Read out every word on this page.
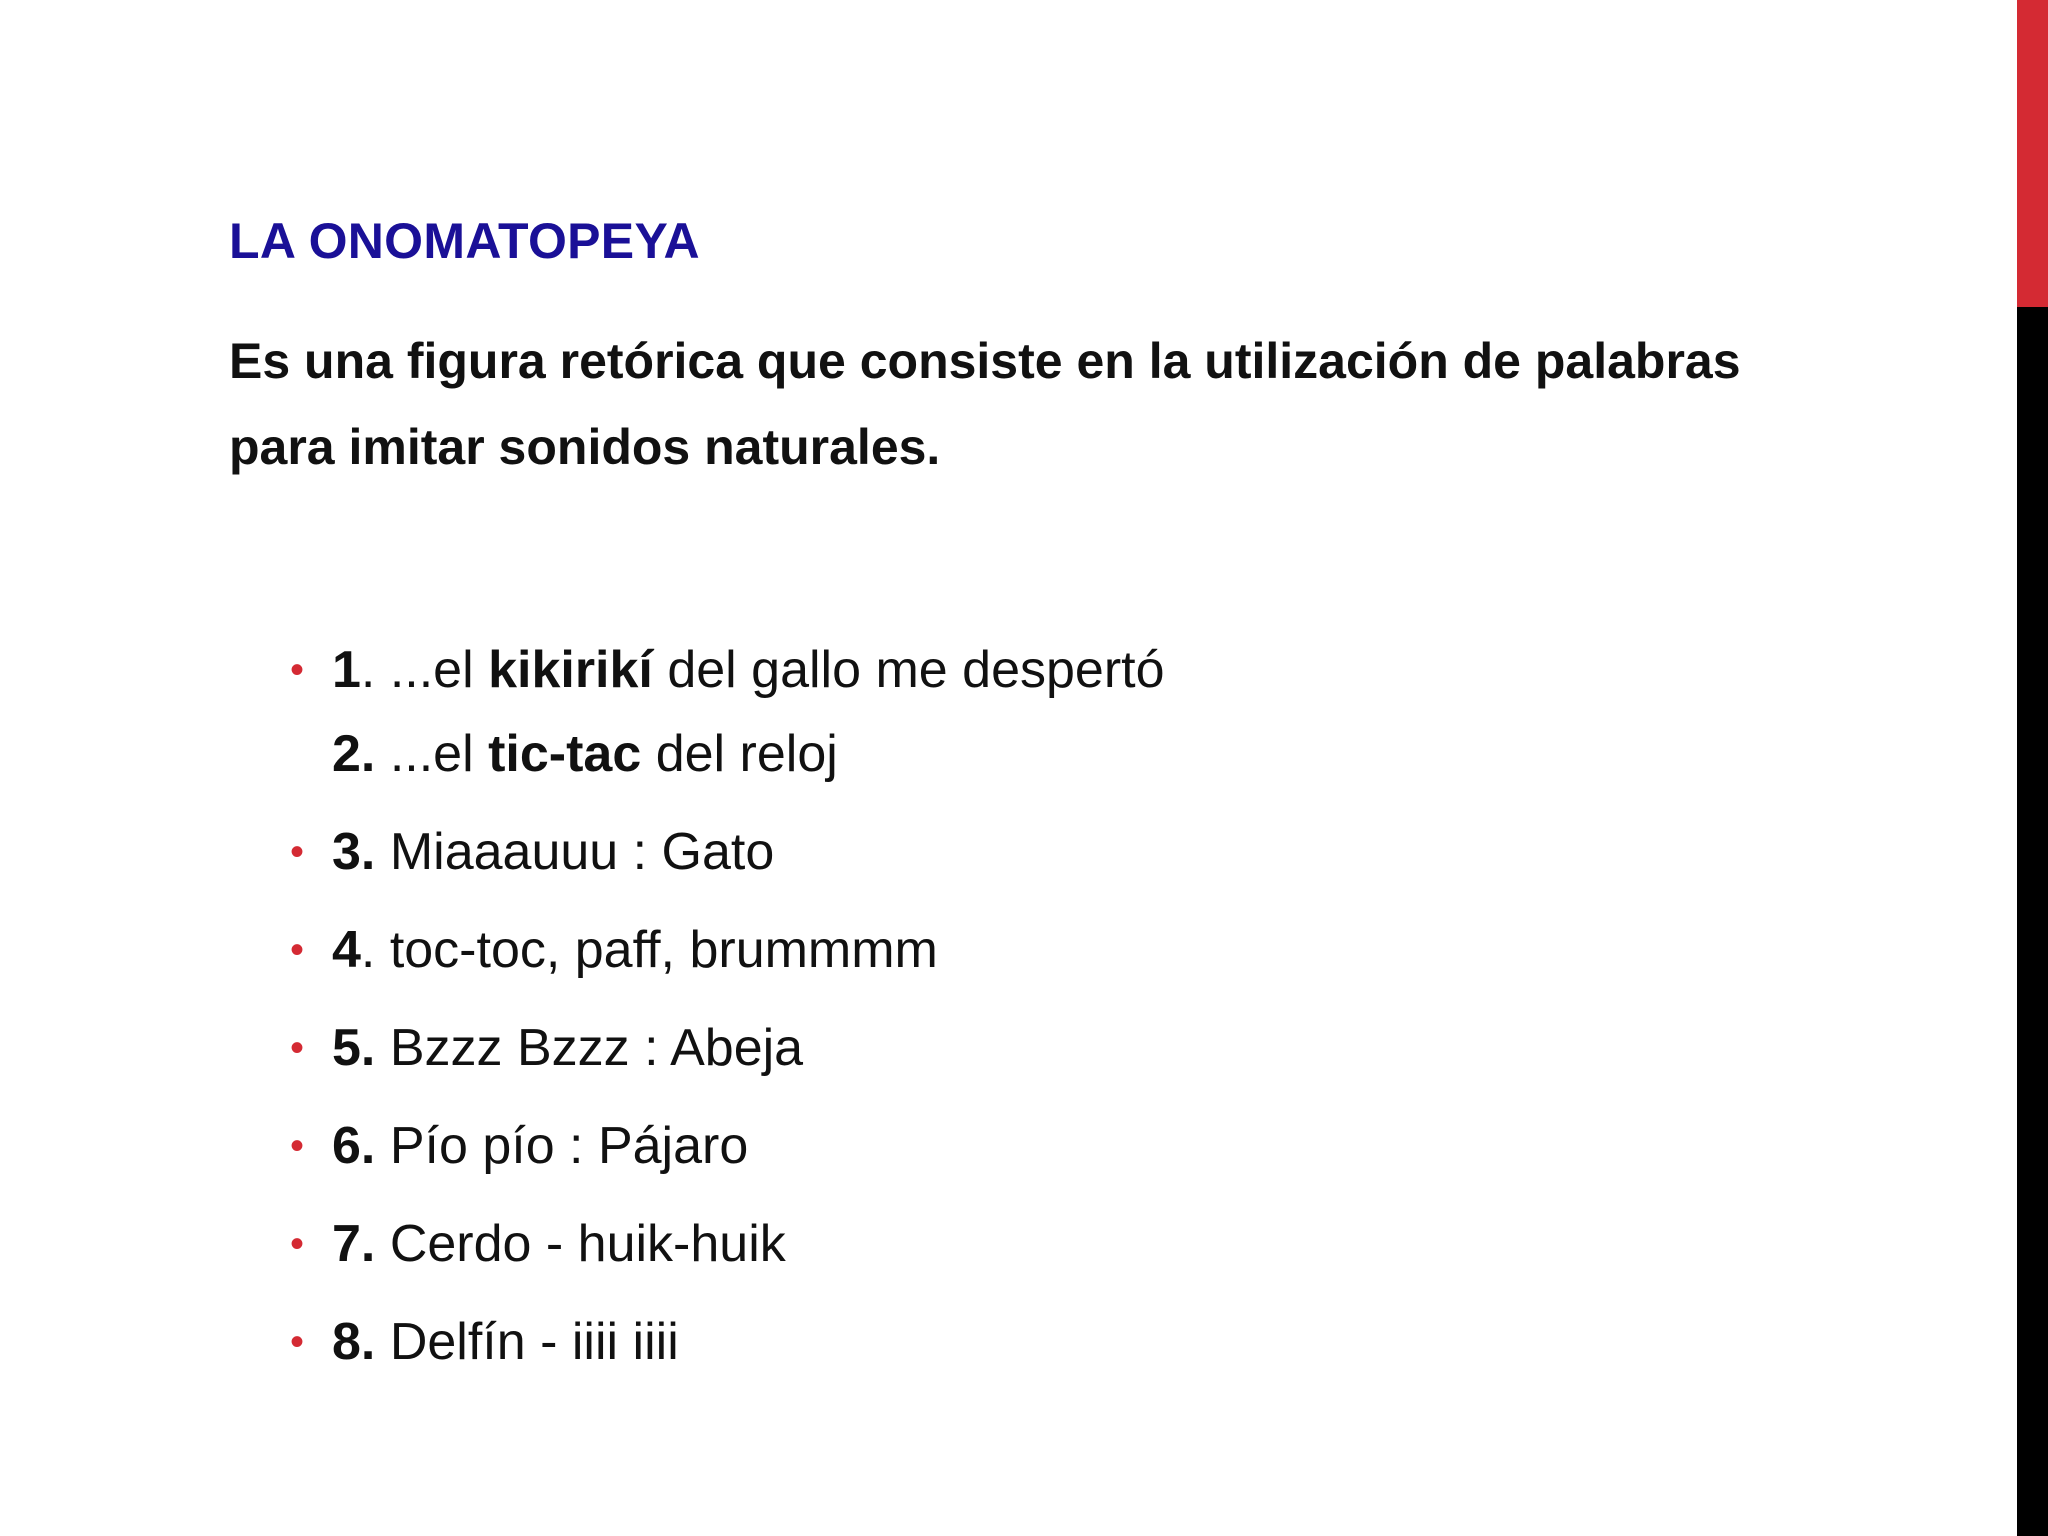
LA ONOMATOPEYA

Es una figura retórica que consiste en la utilización de palabras para imitar sonidos naturales.

• 1. ...el kikirikí del gallo me despertó
2. ...el tic-tac del reloj
• 3. Miaaauuu : Gato
• 4. toc-toc, paff, brummmm
• 5. Bzzz Bzzz : Abeja
• 6. Pío pío : Pájaro
• 7. Cerdo - huik-huik
• 8. Delfín - iiii iiii
